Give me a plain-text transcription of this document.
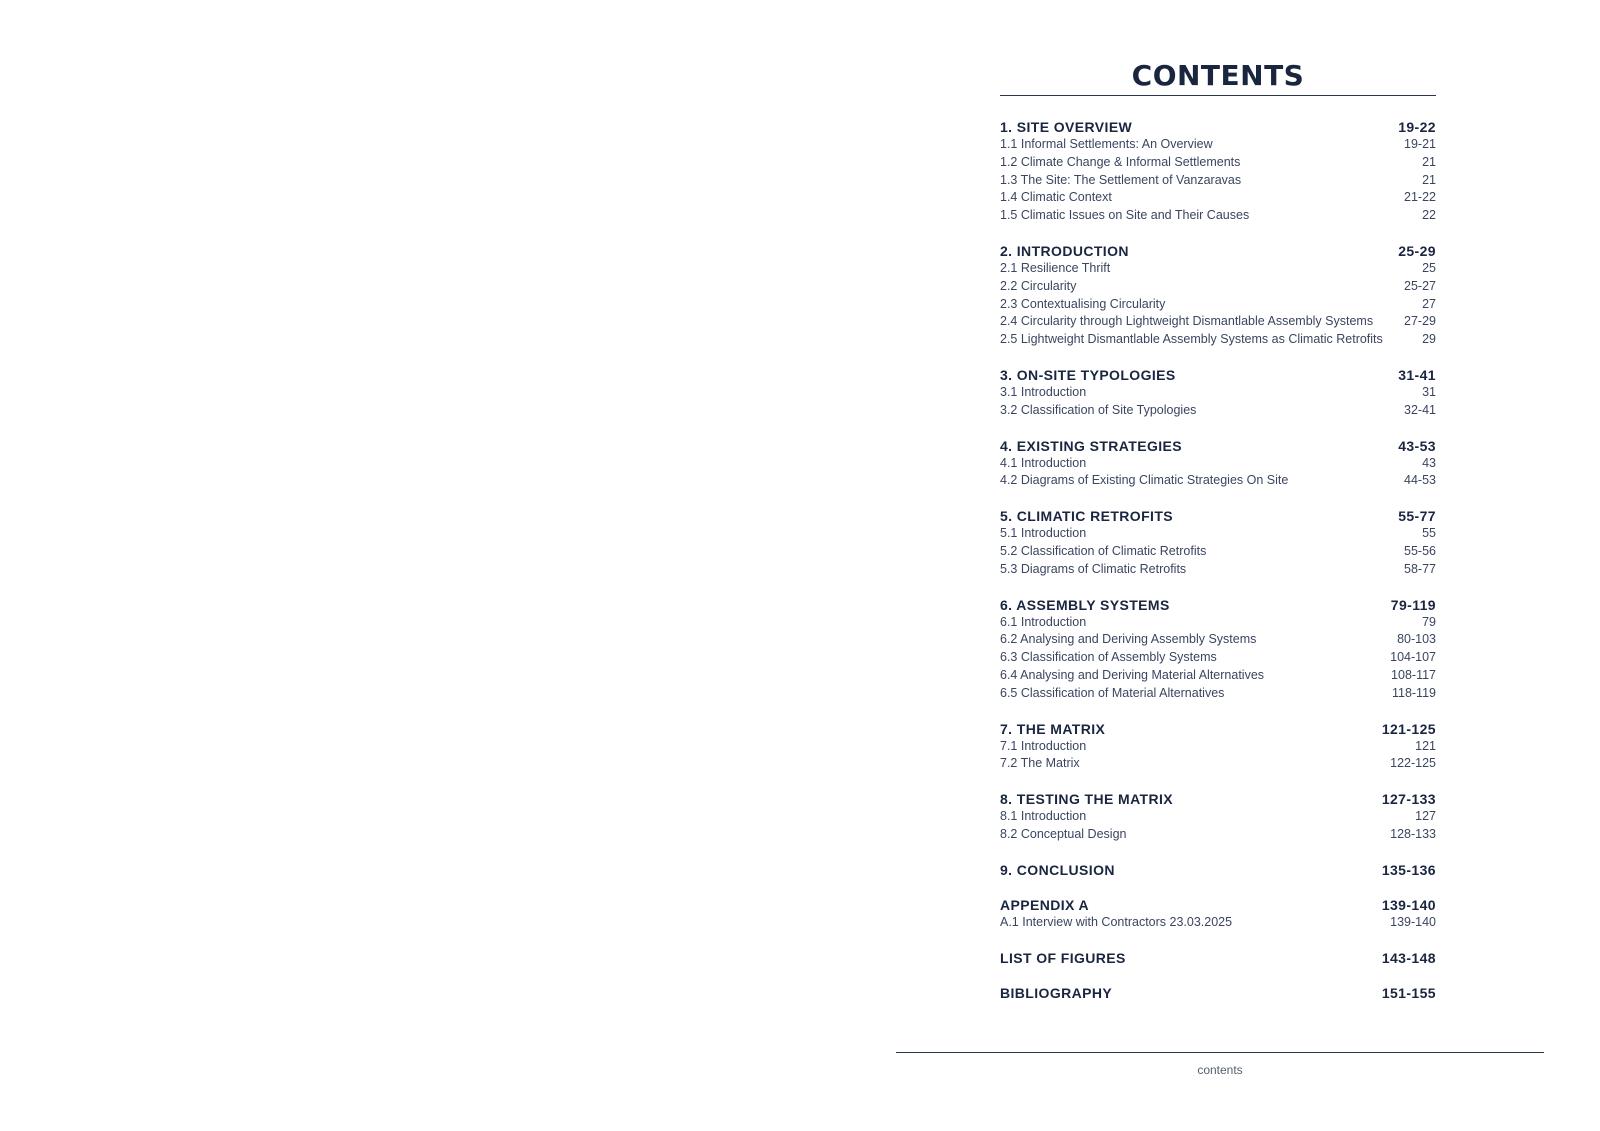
CONTENTS
1. SITE OVERVIEW	19-22
1.1 Informal Settlements: An Overview	19-21
1.2 Climate Change & Informal Settlements	21
1.3 The Site: The Settlement of Vanzaravas	21
1.4 Climatic Context	21-22
1.5 Climatic Issues on Site and Their Causes	22
2. INTRODUCTION	25-29
2.1 Resilience Thrift	25
2.2 Circularity	25-27
2.3 Contextualising Circularity	27
2.4 Circularity through Lightweight Dismantlable Assembly Systems	27-29
2.5 Lightweight Dismantlable Assembly Systems as Climatic Retrofits	29
3. ON-SITE TYPOLOGIES	31-41
3.1 Introduction	31
3.2 Classification of Site Typologies	32-41
4. EXISTING STRATEGIES	43-53
4.1 Introduction	43
4.2 Diagrams of Existing Climatic Strategies On Site	44-53
5. CLIMATIC RETROFITS	55-77
5.1 Introduction	55
5.2 Classification of Climatic Retrofits	55-56
5.3 Diagrams of Climatic Retrofits	58-77
6. ASSEMBLY SYSTEMS	79-119
6.1 Introduction	79
6.2 Analysing and Deriving Assembly Systems	80-103
6.3 Classification of Assembly Systems	104-107
6.4 Analysing and Deriving Material Alternatives	108-117
6.5 Classification of Material Alternatives	118-119
7. THE MATRIX	121-125
7.1 Introduction	121
7.2 The Matrix	122-125
8. TESTING THE MATRIX	127-133
8.1 Introduction	127
8.2 Conceptual Design	128-133
9. CONCLUSION	135-136
APPENDIX A	139-140
A.1 Interview with Contractors 23.03.2025	139-140
LIST OF FIGURES	143-148
BIBLIOGRAPHY	151-155
contents
